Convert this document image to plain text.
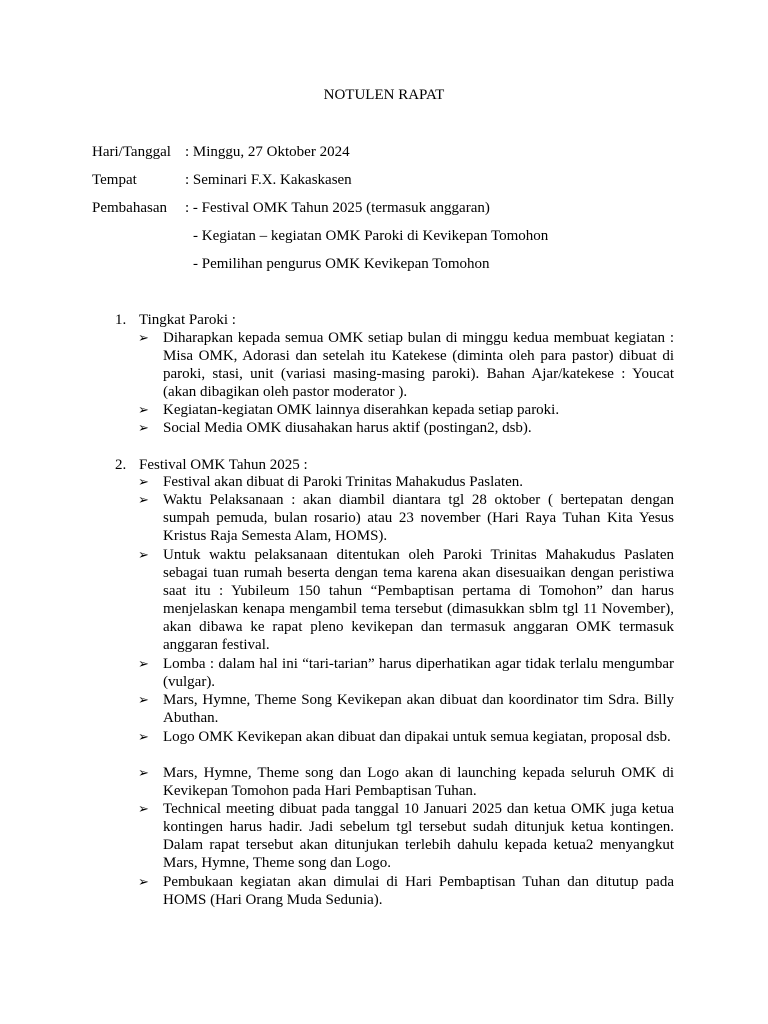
NOTULEN RAPAT
Hari/Tanggal : Minggu, 27 Oktober 2024
Tempat	: Seminari F.X. Kakaskasen
Pembahasan : - Festival OMK Tahun 2025 (termasuk anggaran)
- Kegiatan – kegiatan OMK Paroki di Kevikepan Tomohon
- Pemilihan pengurus OMK Kevikepan Tomohon
1. Tingkat Paroki :
➢ Diharapkan kepada semua OMK setiap bulan di minggu kedua membuat kegiatan : Misa OMK, Adorasi dan setelah itu Katekese (diminta oleh para pastor) dibuat di paroki, stasi, unit (variasi masing-masing paroki). Bahan Ajar/katekese : Youcat (akan dibagikan oleh pastor moderator ).
➢ Kegiatan-kegiatan OMK lainnya diserahkan kepada setiap paroki.
➢ Social Media OMK diusahakan harus aktif (postingan2, dsb).
2. Festival OMK Tahun 2025 :
➢ Festival akan dibuat di Paroki Trinitas Mahakudus Paslaten.
➢ Waktu Pelaksanaan : akan diambil diantara tgl 28 oktober ( bertepatan dengan sumpah pemuda, bulan rosario) atau 23 november (Hari Raya Tuhan Kita Yesus Kristus Raja Semesta Alam, HOMS).
➢ Untuk waktu pelaksanaan ditentukan oleh Paroki Trinitas Mahakudus Paslaten sebagai tuan rumah beserta dengan tema karena akan disesuaikan dengan peristiwa saat itu : Yubileum 150 tahun “Pembaptisan pertama di Tomohon” dan harus menjelaskan kenapa mengambil tema tersebut (dimasukkan sblm tgl 11 November), akan dibawa ke rapat pleno kevikepan dan termasuk anggaran OMK termasuk anggaran festival.
➢ Lomba : dalam hal ini “tari-tarian” harus diperhatikan agar tidak terlalu mengumbar (vulgar).
➢ Mars, Hymne, Theme Song Kevikepan akan dibuat dan koordinator tim Sdra. Billy Abuthan.
➢ Logo OMK Kevikepan akan dibuat dan dipakai untuk semua kegiatan, proposal dsb.
➢ Mars, Hymne, Theme song dan Logo akan di launching kepada seluruh OMK di Kevikepan Tomohon pada Hari Pembaptisan Tuhan.
➢ Technical meeting dibuat pada tanggal 10 Januari 2025 dan ketua OMK juga ketua kontingen harus hadir. Jadi sebelum tgl tersebut sudah ditunjuk ketua kontingen. Dalam rapat tersebut akan ditunjukan terlebih dahulu kepada ketua2 menyangkut Mars, Hymne, Theme song dan Logo.
➢ Pembukaan kegiatan akan dimulai di Hari Pembaptisan Tuhan dan ditutup pada HOMS (Hari Orang Muda Sedunia).
